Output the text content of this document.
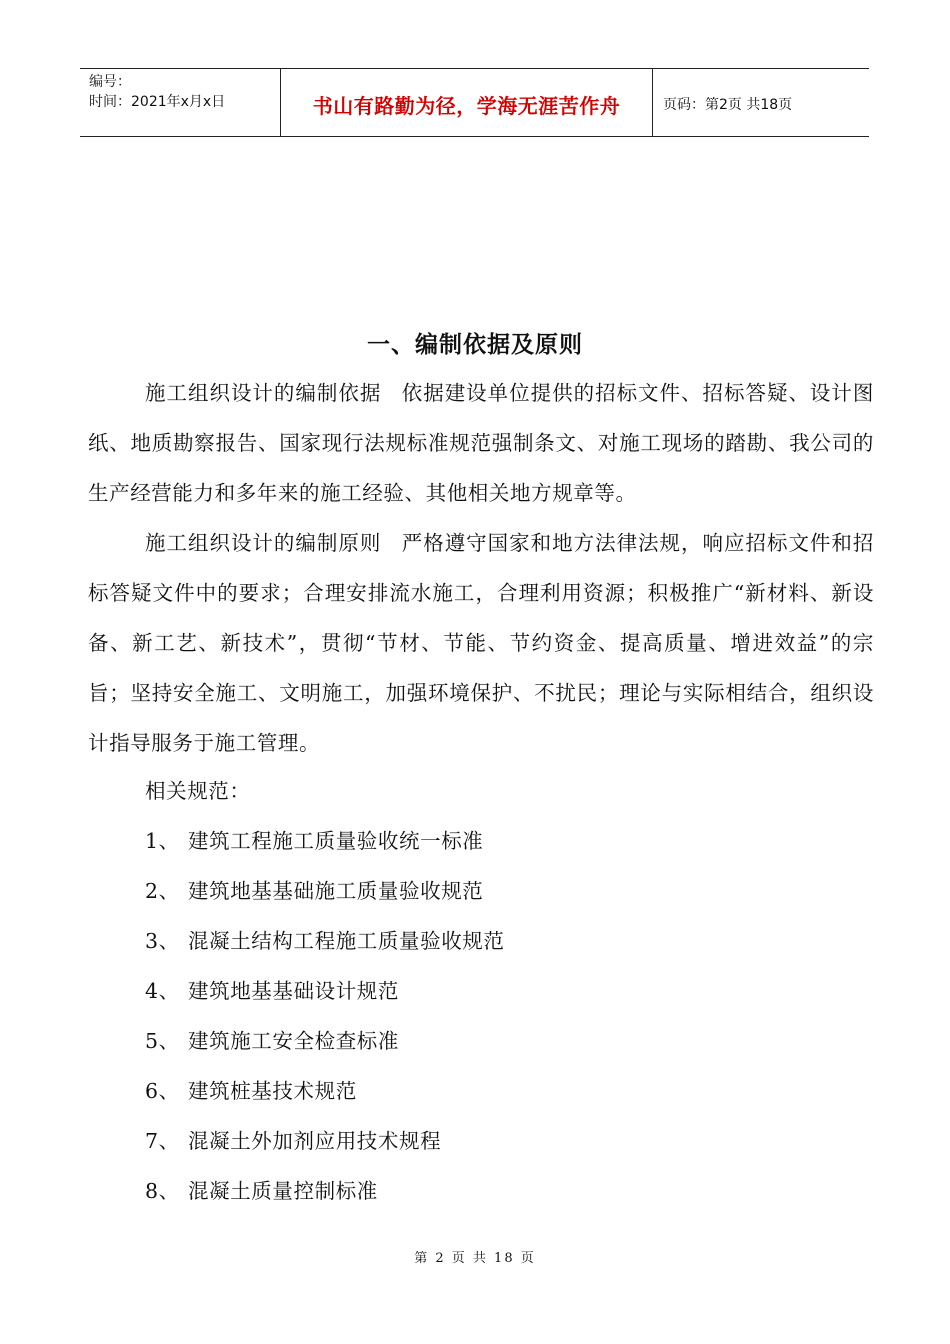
编号：
时间：2021年x月x日	书山有路勤为径，学海无涯苦作舟	页码：第2页 共18页
一、编制依据及原则
施工组织设计的编制依据 依据建设单位提供的招标文件、招标答疑、设计图纸、地质勘察报告、国家现行法规标准规范强制条文、对施工现场的踏勘、我公司的生产经营能力和多年来的施工经验、其他相关地方规章等。
施工组织设计的编制原则 严格遵守国家和地方法律法规，响应招标文件和招标答疑文件中的要求；合理安排流水施工，合理利用资源；积极推广“新材料、新设备、新工艺、新技术”，贯彻“节材、节能、节约资金、提高质量、增进效益”的宗旨；坚持安全施工、文明施工，加强环境保护、不扰民；理论与实际相结合，组织设计指导服务于施工管理。
相关规范：
1、 建筑工程施工质量验收统一标准
2、 建筑地基基础施工质量验收规范
3、 混凝土结构工程施工质量验收规范
4、 建筑地基基础设计规范
5、 建筑施工安全检查标准
6、 建筑桩基技术规范
7、 混凝土外加剂应用技术规程
8、 混凝土质量控制标准
第 2 页 共 18 页
